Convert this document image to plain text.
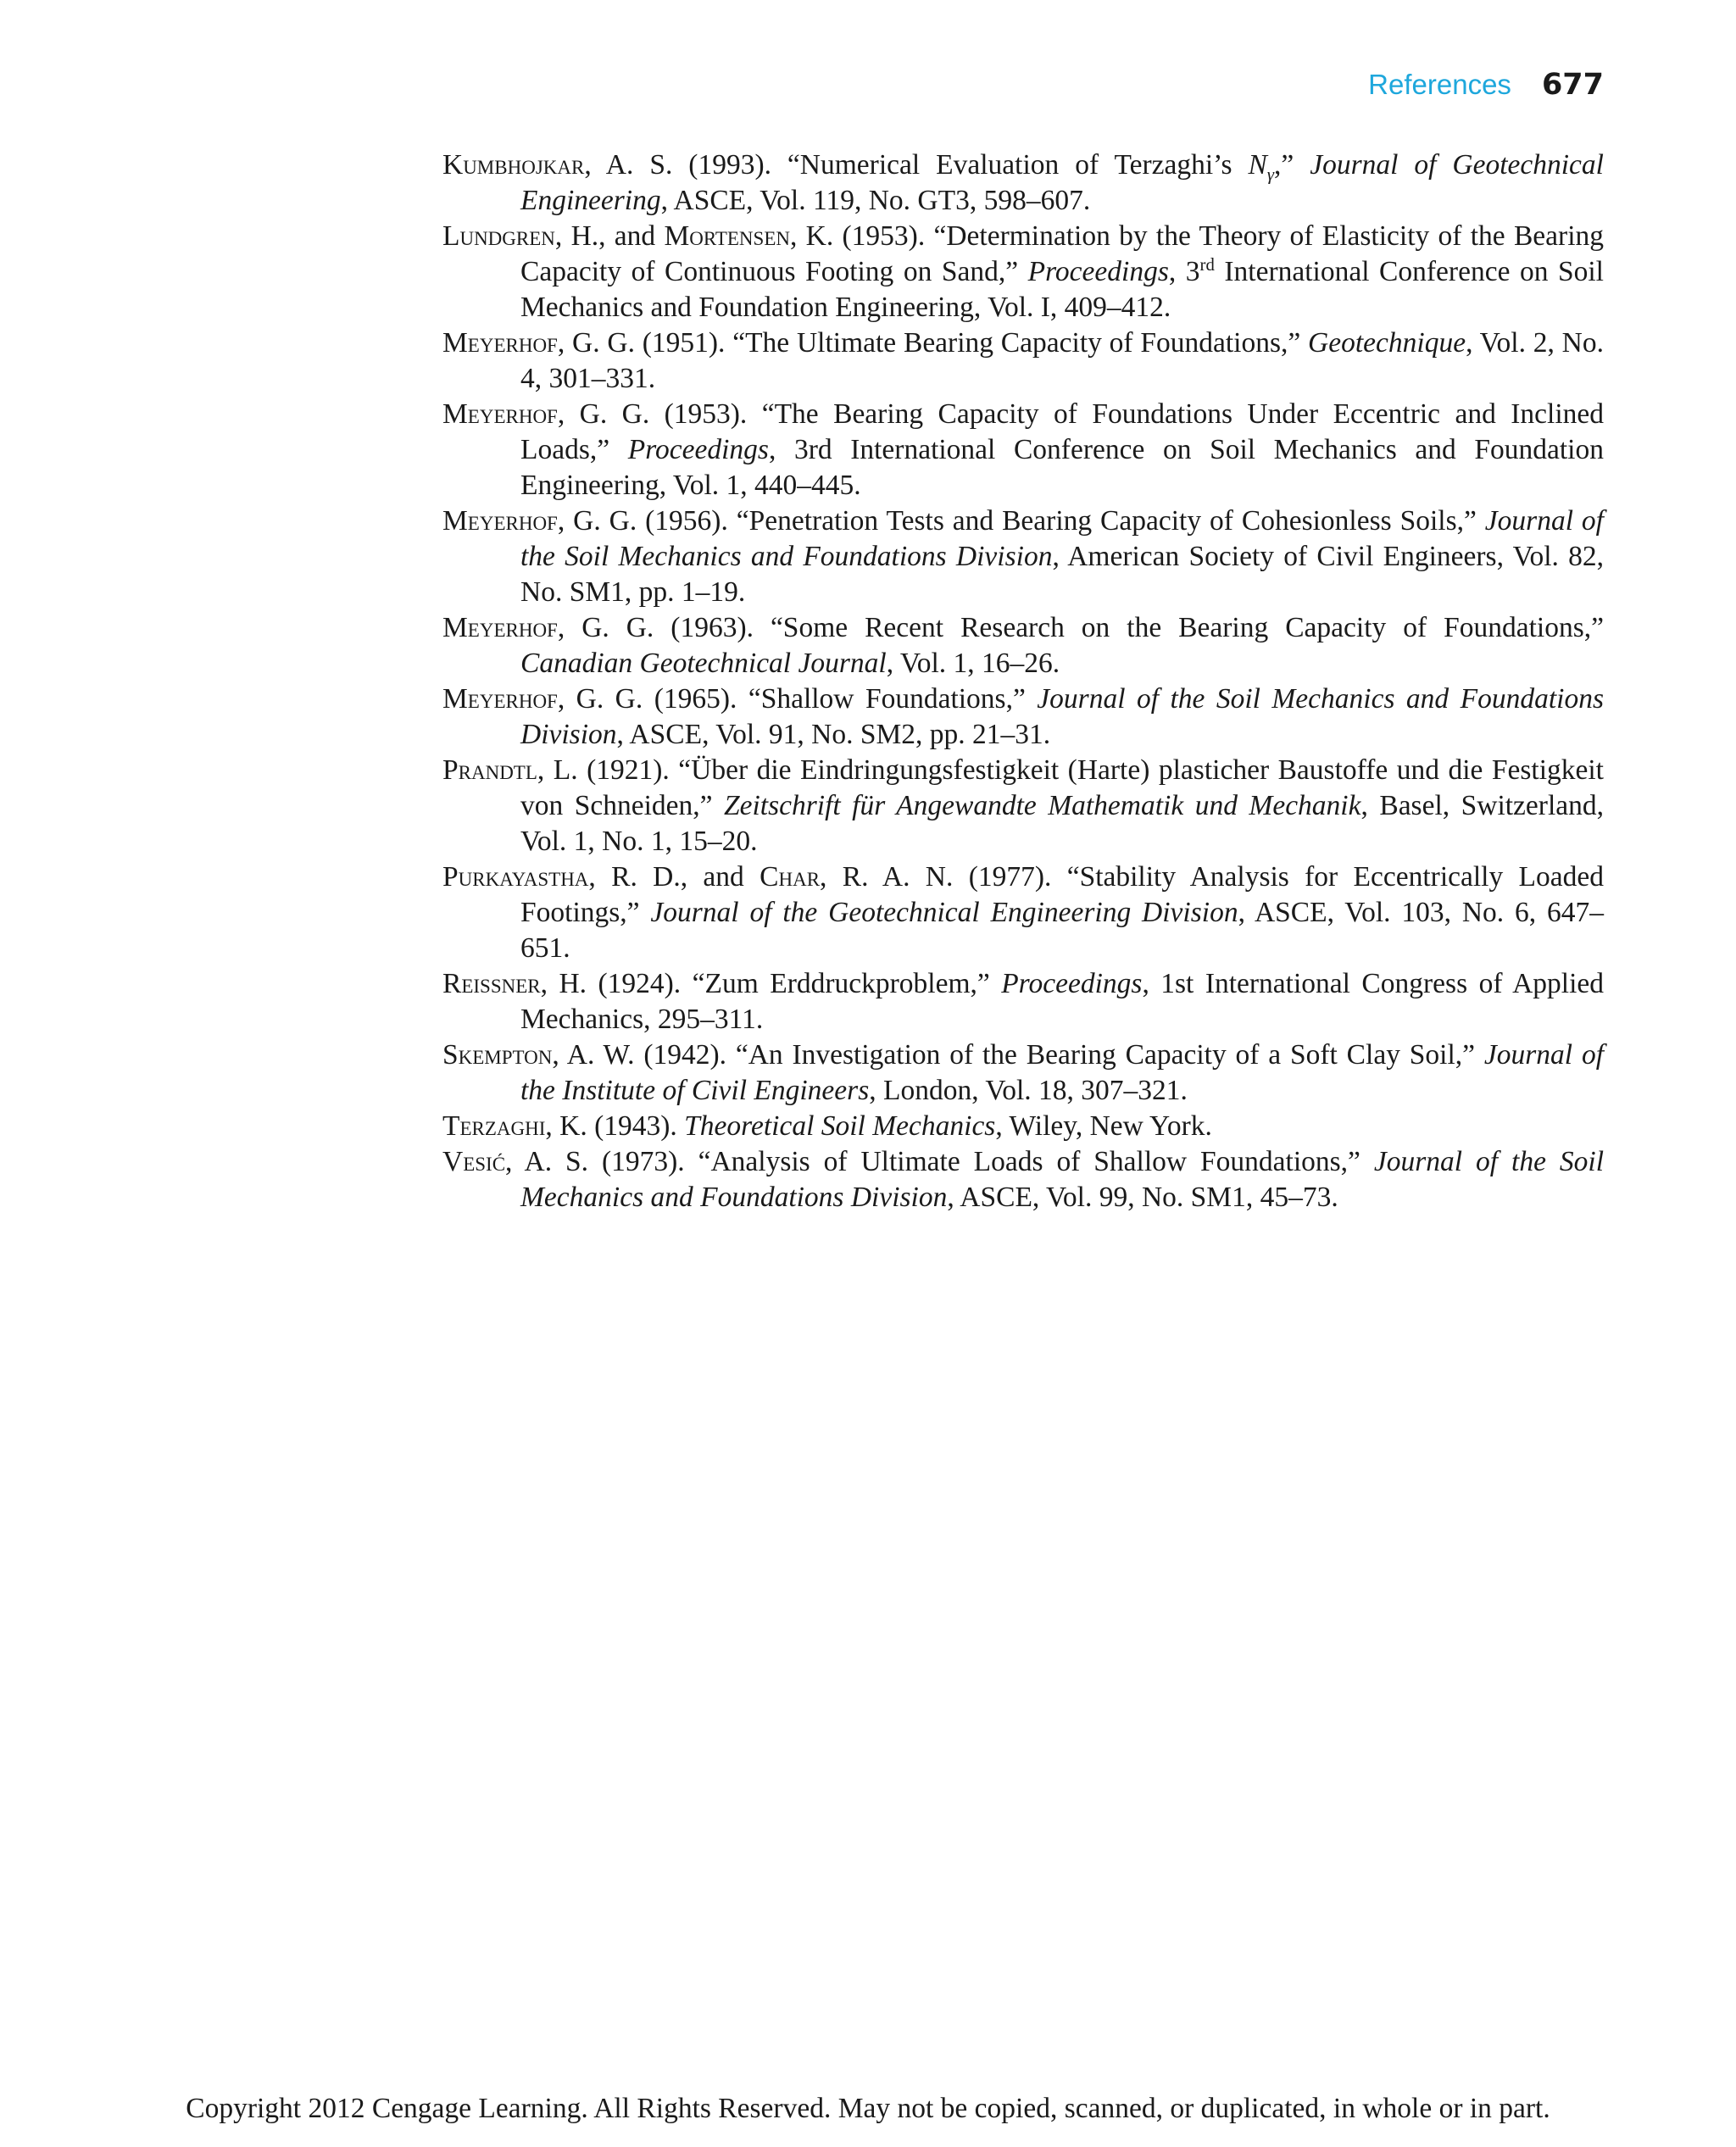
References 677

Kumbhojkar, A. S. (1993). “Numerical Evaluation of Terzaghi’s $N_\gamma$,” Journal of Geotechnical Engineering, ASCE, Vol. 119, No. GT3, 598–607.

Lundgren, H., and Mortensen, K. (1953). “Determination by the Theory of Elasticity of the Bearing Capacity of Continuous Footing on Sand,” Proceedings, 3rd International Conference on Soil Mechanics and Foundation Engineering, Vol. I, 409–412.

Meyerhof, G. G. (1951). “The Ultimate Bearing Capacity of Foundations,” Geotechnique, Vol. 2, No. 4, 301–331.

Meyerhof, G. G. (1953). “The Bearing Capacity of Foundations Under Eccentric and Inclined Loads,” Proceedings, 3rd International Conference on Soil Mechanics and Foundation Engineering, Vol. 1, 440–445.

Meyerhof, G. G. (1956). “Penetration Tests and Bearing Capacity of Cohesionless Soils,” Journal of the Soil Mechanics and Foundations Division, American Society of Civil Engineers, Vol. 82, No. SM1, pp. 1–19.

Meyerhof, G. G. (1963). “Some Recent Research on the Bearing Capacity of Foundations,” Canadian Geotechnical Journal, Vol. 1, 16–26.

Meyerhof, G. G. (1965). “Shallow Foundations,” Journal of the Soil Mechanics and Foundations Division, ASCE, Vol. 91, No. SM2, pp. 21–31.

Prandtl, L. (1921). “Über die Eindringungsfestigkeit (Harte) plasticher Baustoffe und die Festigkeit von Schneiden,” Zeitschrift für Angewandte Mathematik und Mechanik, Basel, Switzerland, Vol. 1, No. 1, 15–20.

Purkayastha, R. D., and Char, R. A. N. (1977). “Stability Analysis for Eccentrically Loaded Footings,” Journal of the Geotechnical Engineering Division, ASCE, Vol. 103, No. 6, 647–651.

Reissner, H. (1924). “Zum Erddruckproblem,” Proceedings, 1st International Congress of Applied Mechanics, 295–311.

Skempton, A. W. (1942). “An Investigation of the Bearing Capacity of a Soft Clay Soil,” Journal of the Institute of Civil Engineers, London, Vol. 18, 307–321.

Terzaghi, K. (1943). Theoretical Soil Mechanics, Wiley, New York.

Vesić, A. S. (1973). “Analysis of Ultimate Loads of Shallow Foundations,” Journal of the Soil Mechanics and Foundations Division, ASCE, Vol. 99, No. SM1, 45–73.

Copyright 2012 Cengage Learning. All Rights Reserved. May not be copied, scanned, or duplicated, in whole or in part.
